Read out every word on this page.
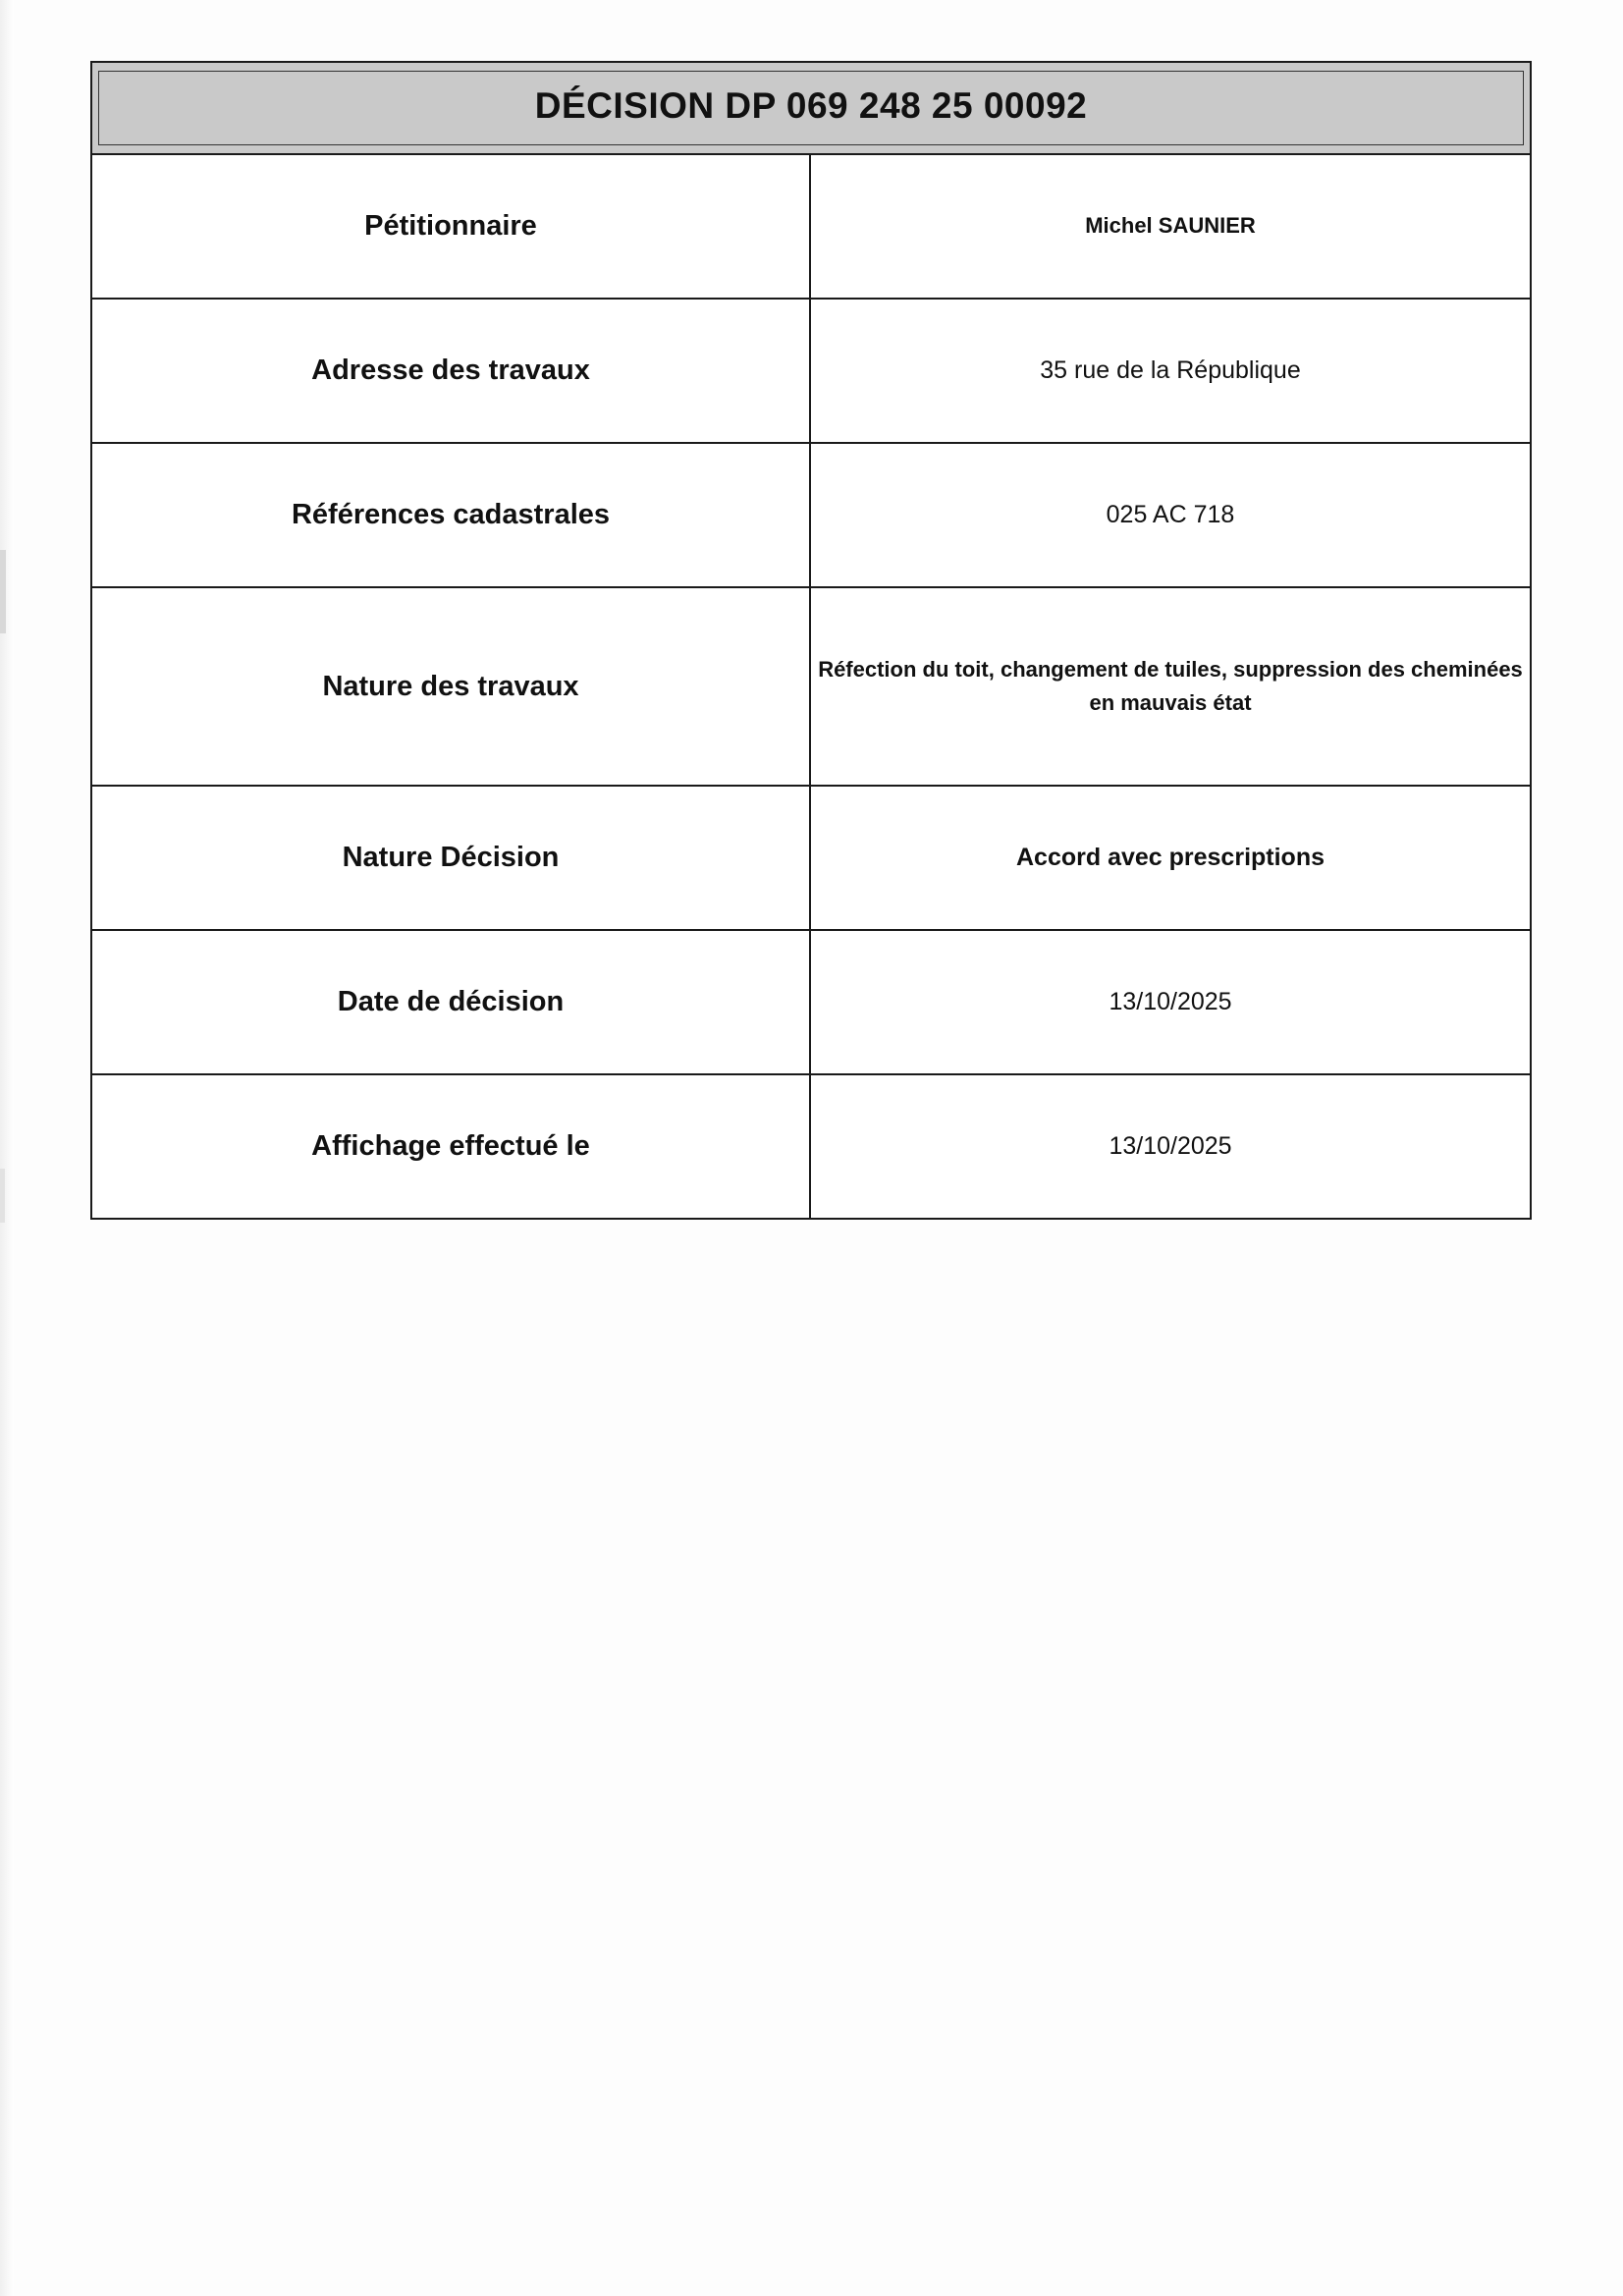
DÉCISION DP 069 248 25 00092	

Pétitionnaire	Michel SAUNIER
Adresse des travaux	35 rue de la République
Références cadastrales	025 AC 718
Nature des travaux	Réfection du toit, changement de tuiles, suppression des cheminées en mauvais état
Nature Décision	Accord avec prescriptions
Date de décision	13/10/2025
Affichage effectué le	13/10/2025
